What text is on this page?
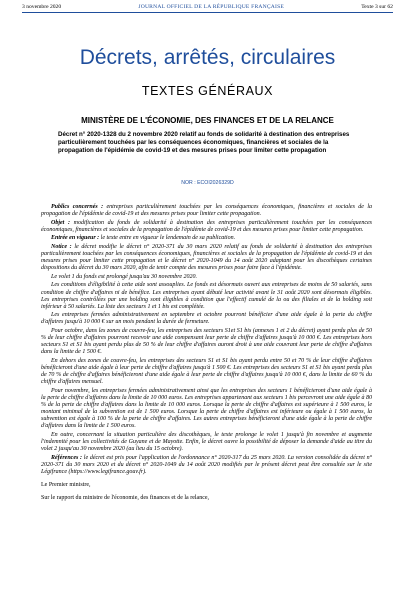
3 novembre 2020	JOURNAL OFFICIEL DE LA RÉPUBLIQUE FRANÇAISE	Texte 3 sur 62
Décrets, arrêtés, circulaires
TEXTES GÉNÉRAUX
MINISTÈRE DE L'ÉCONOMIE, DES FINANCES ET DE LA RELANCE
Décret n° 2020-1328 du 2 novembre 2020 relatif au fonds de solidarité à destination des entreprises particulièrement touchées par les conséquences économiques, financières et sociales de la propagation de l'épidémie de covid-19 et des mesures prises pour limiter cette propagation
NOR : ECOI2026329D

Publics concernés : entreprises particulièrement touchées par les conséquences économiques, financières et sociales de la propagation de l'épidémie de covid-19 et des mesures prises pour limiter cette propagation.

Objet : modification du fonds de solidarité à destination des entreprises particulièrement touchées par les conséquences économiques, financières et sociales de la propagation de l'épidémie de covid-19 et des mesures prises pour limiter cette propagation.

Entrée en vigueur : le texte entre en vigueur le lendemain de sa publication.

Notice : le décret modifie le décret n° 2020-371 du 30 mars 2020 relatif au fonds de solidarité à destination des entreprises particulièrement touchées par les conséquences économiques, financières et sociales de la propagation de l'épidémie de covid-19 et des mesures prises pour limiter cette propagation et le décret n° 2020-1049 du 14 août 2020 adaptant pour les discothèques certaines dispositions du décret du 30 mars 2020, afin de tenir compte des mesures prises pour faire face à l'épidémie.

Le volet 1 du fonds est prolongé jusqu'au 30 novembre 2020.

Les conditions d'éligibilité à cette aide sont assouplies. Le fonds est désormais ouvert aux entreprises de moins de 50 salariés, sans condition de chiffre d'affaires ni de bénéfice. Les entreprises ayant débuté leur activité avant le 31 août 2020 sont désormais éligibles. Les entreprises contrôlées par une holding sont éligibles à condition que l'effectif cumulé de la ou des filiales et de la holding soit inférieur à 50 salariés. La liste des secteurs 1 et 1 bis est complétée.

Les entreprises fermées administrativement en septembre et octobre pourront bénéficier d'une aide égale à la perte du chiffre d'affaires jusqu'à 10 000 € sur un mois pendant la durée de fermeture.

Pour octobre, dans les zones de couvre-feu, les entreprises des secteurs S1et S1 bis (annexes 1 et 2 du décret) ayant perdu plus de 50 % de leur chiffre d'affaires pourront recevoir une aide compensant leur perte de chiffre d'affaires jusqu'à 10 000 €. Les entreprises hors secteurs S1 et S1 bis ayant perdu plus de 50 % de leur chiffre d'affaires auront droit à une aide couvrant leur perte de chiffre d'affaires dans la limite de 1 500 €.

En dehors des zones de couvre-feu, les entreprises des secteurs S1 et S1 bis ayant perdu entre 50 et 70 % de leur chiffre d'affaires bénéficieront d'une aide égale à leur perte de chiffre d'affaires jusqu'à 1 500 €. Les entreprises des secteurs S1 et S1 bis ayant perdu plus de 70 % de chiffre d'affaires bénéficieront d'une aide égale à leur perte de chiffre d'affaires jusqu'à 10 000 €, dans la limite de 60 % du chiffre d'affaires mensuel.

Pour novembre, les entreprises fermées administrativement ainsi que les entreprises des secteurs 1 bénéficieront d'une aide égale à la perte de chiffre d'affaires dans la limite de 10 000 euros. Les entreprises appartenant aux secteurs 1 bis percevront une aide égale à 80 % de la perte de chiffre d'affaires dans la limite de 10 000 euros. Lorsque la perte de chiffre d'affaires est supérieure à 1 500 euros, le montant minimal de la subvention est de 1 500 euros. Lorsque la perte de chiffre d'affaires est inférieure ou égale à 1 500 euros, la subvention est égale à 100 % de la perte de chiffre d'affaires. Les autres entreprises bénéficieront d'une aide égale à la perte de chiffre d'affaires dans la limite de 1 500 euros.

En outre, concernant la situation particulière des discothèques, le texte prolonge le volet 1 jusqu'à fin novembre et augmente l'indemnité pour les collectivités de Guyane et de Mayotte. Enfin, le décret ouvre la possibilité de déposer la demande d'aide au titre du volet 2 jusqu'au 30 novembre 2020 (au lieu du 15 octobre).

Références : le décret est pris pour l'application de l'ordonnance n° 2020-317 du 25 mars 2020. La version consolidée du décret n° 2020-371 du 30 mars 2020 et du décret n° 2020-1049 du 14 août 2020 modifiés par le présent décret peut être consultée sur le site Légifrance (https://www.legifrance.gouv.fr).

Le Premier ministre,

Sur le rapport du ministre de l'économie, des finances et de la relance,
